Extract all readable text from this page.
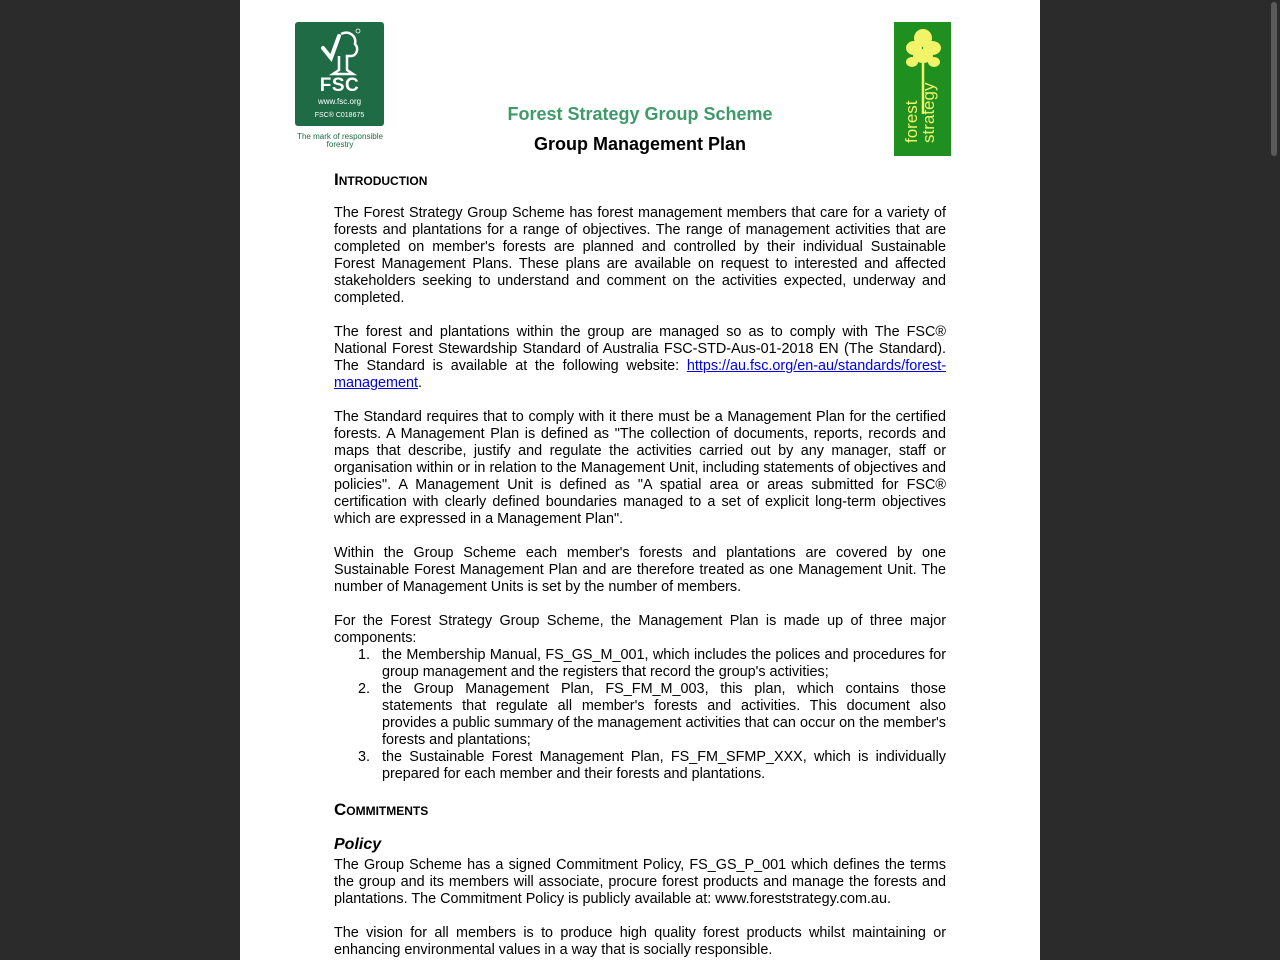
FSC
www.fsc.org
FSC® C018675
The mark of responsible forestry
forest
strategy
Forest Strategy Group Scheme
Group Management Plan
Introduction

The Forest Strategy Group Scheme has forest management members that care for a variety of forests and plantations for a range of objectives. The range of management activities that are completed on member's forests are planned and controlled by their individual Sustainable Forest Management Plans. These plans are available on request to interested and affected stakeholders seeking to understand and comment on the activities expected, underway and completed.

The forest and plantations within the group are managed so as to comply with The FSC® National Forest Stewardship Standard of Australia FSC-STD-Aus-01-2018 EN (The Standard). The Standard is available at the following website: https://au.fsc.org/en-au/standards/forest-management.

The Standard requires that to comply with it there must be a Management Plan for the certified forests. A Management Plan is defined as "The collection of documents, reports, records and maps that describe, justify and regulate the activities carried out by any manager, staff or organisation within or in relation to the Management Unit, including statements of objectives and policies". A Management Unit is defined as "A spatial area or areas submitted for FSC® certification with clearly defined boundaries managed to a set of explicit long-term objectives which are expressed in a Management Plan".

Within the Group Scheme each member's forests and plantations are covered by one Sustainable Forest Management Plan and are therefore treated as one Management Unit. The number of Management Units is set by the number of members.

For the Forest Strategy Group Scheme, the Management Plan is made up of three major components:

1. the Membership Manual, FS_GS_M_001, which includes the polices and procedures for group management and the registers that record the group's activities;
2. the Group Management Plan, FS_FM_M_003, this plan, which contains those statements that regulate all member's forests and activities. This document also provides a public summary of the management activities that can occur on the member's forests and plantations;
3. the Sustainable Forest Management Plan, FS_FM_SFMP_XXX, which is individually prepared for each member and their forests and plantations.
Commitments
Policy

The Group Scheme has a signed Commitment Policy, FS_GS_P_001 which defines the terms the group and its members will associate, procure forest products and manage the forests and plantations. The Commitment Policy is publicly available at: www.foreststrategy.com.au.

The vision for all members is to produce high quality forest products whilst maintaining or enhancing environmental values in a way that is socially responsible.
